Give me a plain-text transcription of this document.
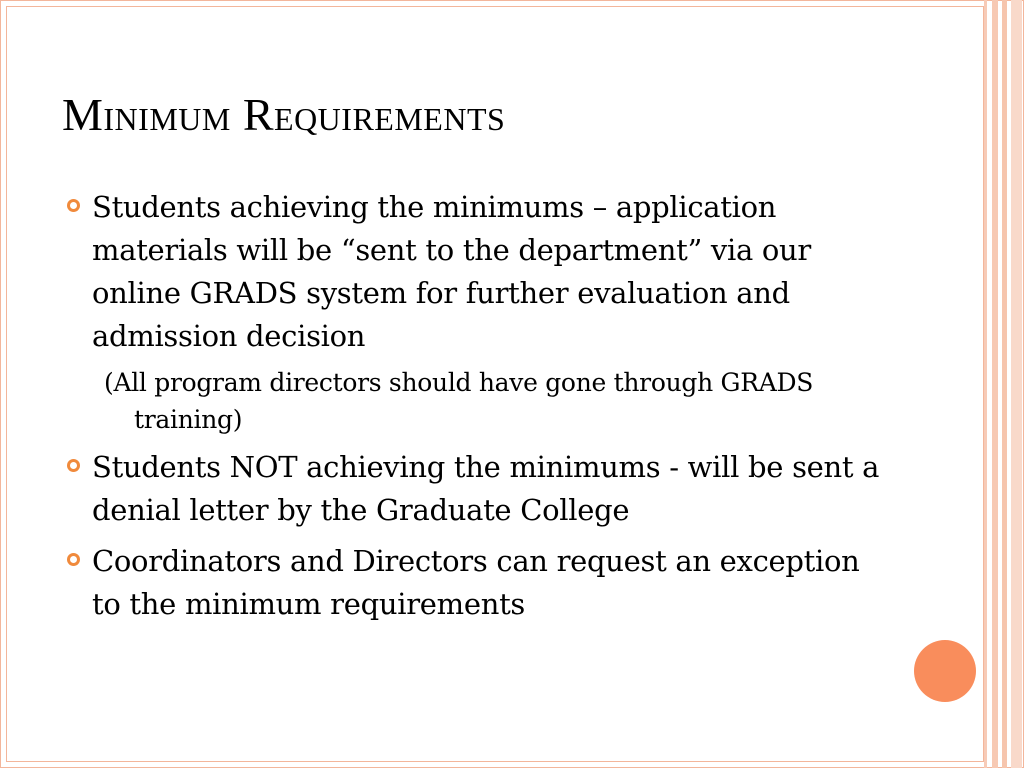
Minimum Requirements
Students achieving the minimums – application materials will be “sent to the department” via our online GRADS system for further evaluation and admission decision
(All program directors should have gone through GRADS training)
Students NOT achieving the minimums - will be sent a denial letter by the Graduate College
Coordinators and Directors can request an exception to the minimum requirements
